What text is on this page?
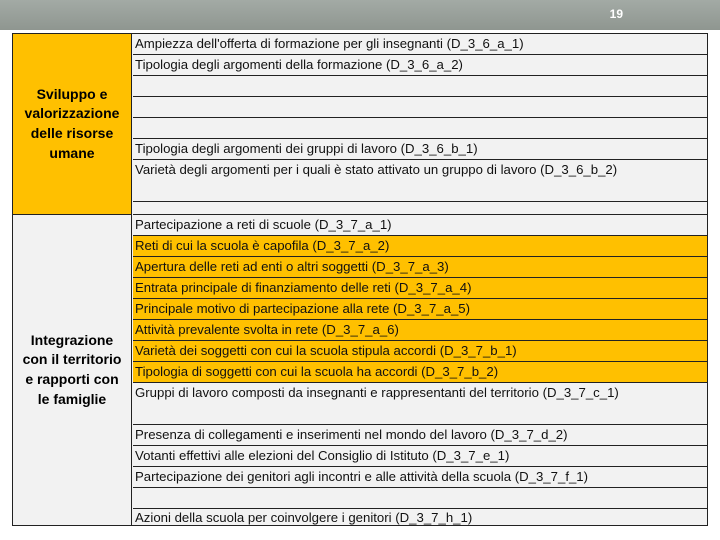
19
Sviluppo e
valorizzazione
delle risorse
umane
Integrazione
con il territorio
e rapporti con
le famiglie
Ampiezza dell'offerta di formazione per gli insegnanti (D_3_6_a_1)
Tipologia degli argomenti della formazione (D_3_6_a_2)
Tipologia degli argomenti dei gruppi di lavoro (D_3_6_b_1)
Varietà degli argomenti per i quali è stato attivato un gruppo di lavoro (D_3_6_b_2)
Partecipazione a reti di scuole (D_3_7_a_1)
Reti di cui la scuola è capofila (D_3_7_a_2)
Apertura delle reti ad enti o altri soggetti (D_3_7_a_3)
Entrata principale di finanziamento delle reti (D_3_7_a_4)
Principale motivo di partecipazione alla rete (D_3_7_a_5)
Attività prevalente svolta in rete (D_3_7_a_6)
Varietà dei soggetti con cui la scuola stipula accordi (D_3_7_b_1)
Tipologia di soggetti con cui la scuola ha accordi (D_3_7_b_2)
Gruppi di lavoro composti da insegnanti e rappresentanti del territorio (D_3_7_c_1)
Presenza di collegamenti e inserimenti nel mondo del lavoro (D_3_7_d_2)
Votanti effettivi alle elezioni del Consiglio di Istituto (D_3_7_e_1)
Partecipazione dei genitori agli incontri e alle attività della scuola (D_3_7_f_1)
Azioni della scuola per coinvolgere i genitori (D_3_7_h_1)
